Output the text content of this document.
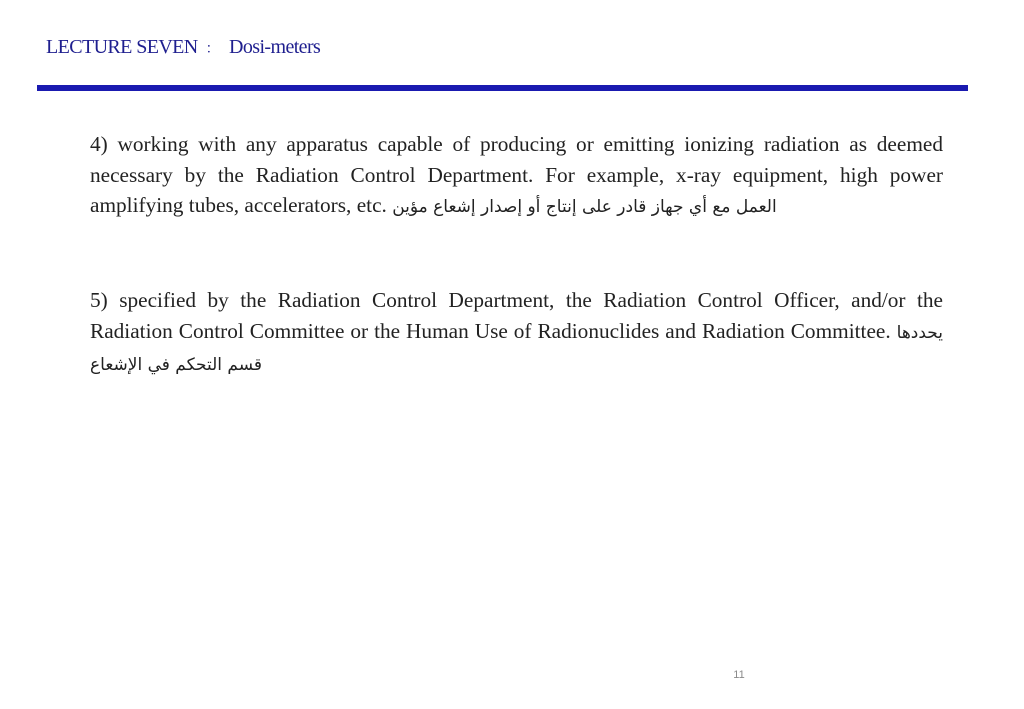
LECTURE SEVEN ： Dosi-meters
4) working with any apparatus capable of producing or emitting ionizing radiation as deemed necessary by the Radiation Control Department. For example, x-ray equipment, high power amplifying tubes, accelerators, etc. العمل مع أي جهاز قادر على إنتاج أو إصدار إشعاع مؤين
5) specified by the Radiation Control Department, the Radiation Control Officer, and/or the Radiation Control Committee or the Human Use of Radionuclides and Radiation Committee. يحددها قسم التحكم في الإشعاع
11
